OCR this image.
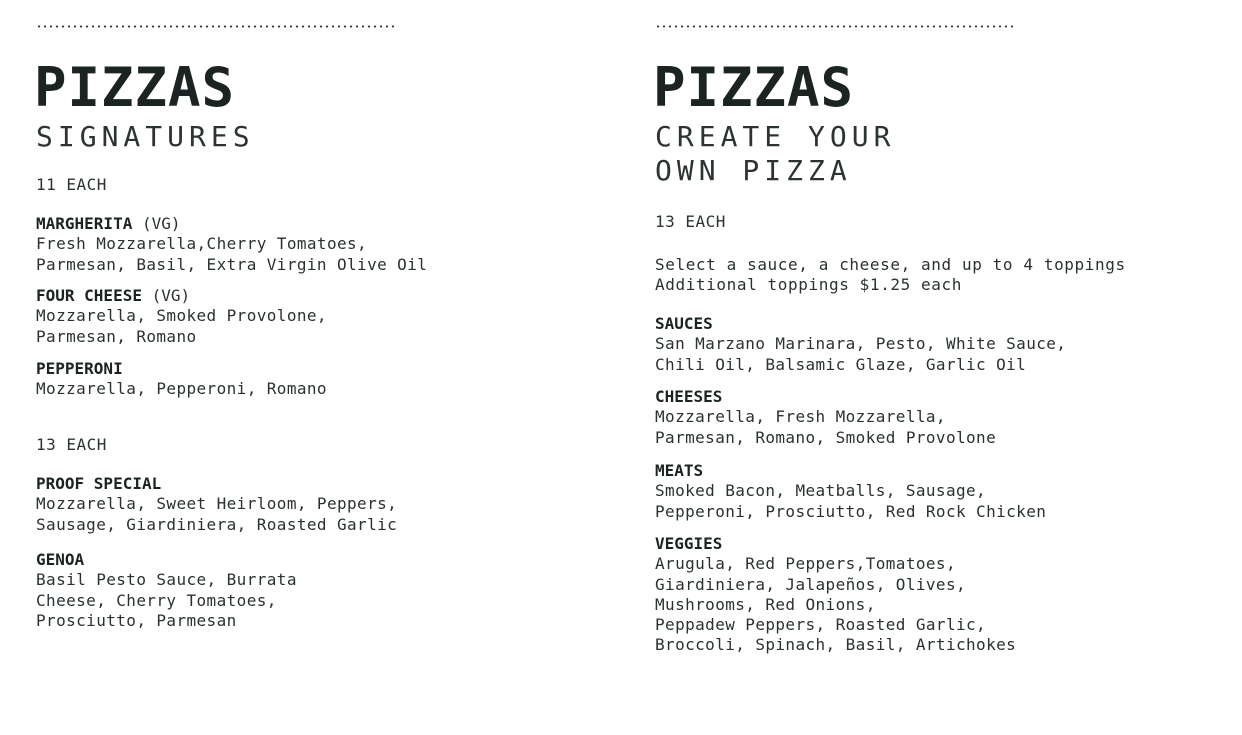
PIZZAS
SIGNATURES
11 EACH
MARGHERITA (VG)
Fresh Mozzarella,Cherry Tomatoes,
Parmesan, Basil, Extra Virgin Olive Oil
FOUR CHEESE (VG)
Mozzarella, Smoked Provolone,
Parmesan, Romano
PEPPERONI
Mozzarella, Pepperoni, Romano
13 EACH
PROOF SPECIAL
Mozzarella, Sweet Heirloom, Peppers,
Sausage, Giardiniera, Roasted Garlic
GENOA
Basil Pesto Sauce, Burrata
Cheese, Cherry Tomatoes,
Prosciutto, Parmesan
PIZZAS
CREATE YOUR
OWN PIZZA
13 EACH
Select a sauce, a cheese, and up to 4 toppings
Additional toppings $1.25 each
SAUCES
San Marzano Marinara, Pesto, White Sauce,
Chili Oil, Balsamic Glaze, Garlic Oil
CHEESES
Mozzarella, Fresh Mozzarella,
Parmesan, Romano, Smoked Provolone
MEATS
Smoked Bacon, Meatballs, Sausage,
Pepperoni, Prosciutto, Red Rock Chicken
VEGGIES
Arugula, Red Peppers,Tomatoes,
Giardiniera, Jalapeños, Olives,
Mushrooms, Red Onions,
Peppadew Peppers, Roasted Garlic,
Broccoli, Spinach, Basil, Artichokes
